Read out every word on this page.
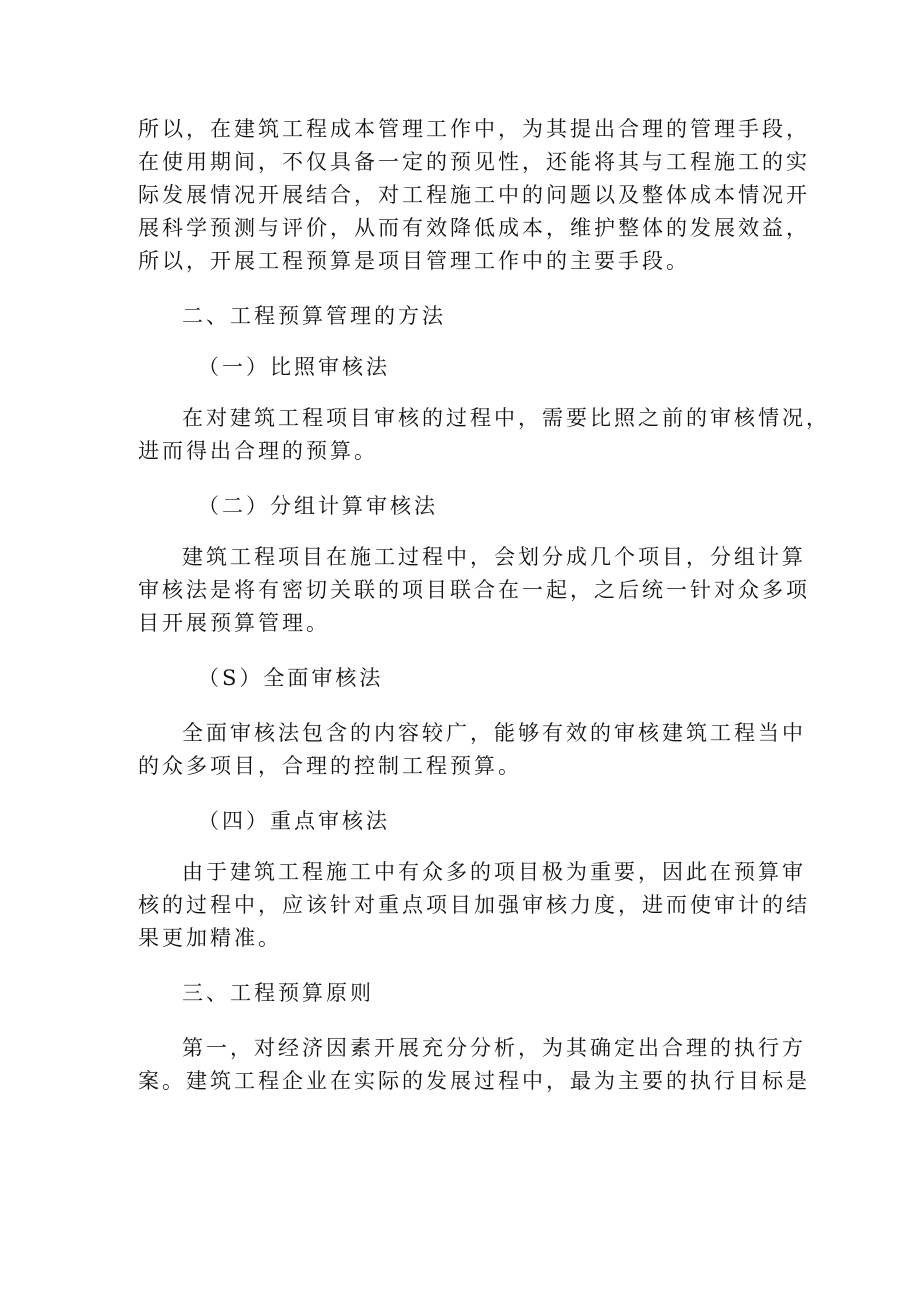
所以，在建筑工程成本管理工作中，为其提出合理的管理手段，
在使用期间，不仅具备一定的预见性，还能将其与工程施工的实
际发展情况开展结合，对工程施工中的问题以及整体成本情况开
展科学预测与评价，从而有效降低成本，维护整体的发展效益，
所以，开展工程预算是项目管理工作中的主要手段。
二、工程预算管理的方法
（一）比照审核法
在对建筑工程项目审核的过程中，需要比照之前的审核情况，
进而得出合理的预算。
（二）分组计算审核法
建筑工程项目在施工过程中，会划分成几个项目，分组计算
审核法是将有密切关联的项目联合在一起，之后统一针对众多项
目开展预算管理。
（S）全面审核法
全面审核法包含的内容较广，能够有效的审核建筑工程当中
的众多项目，合理的控制工程预算。
（四）重点审核法
由于建筑工程施工中有众多的项目极为重要，因此在预算审
核的过程中，应该针对重点项目加强审核力度，进而使审计的结
果更加精准。
三、工程预算原则
第一，对经济因素开展充分分析，为其确定出合理的执行方
案。建筑工程企业在实际的发展过程中，最为主要的执行目标是
